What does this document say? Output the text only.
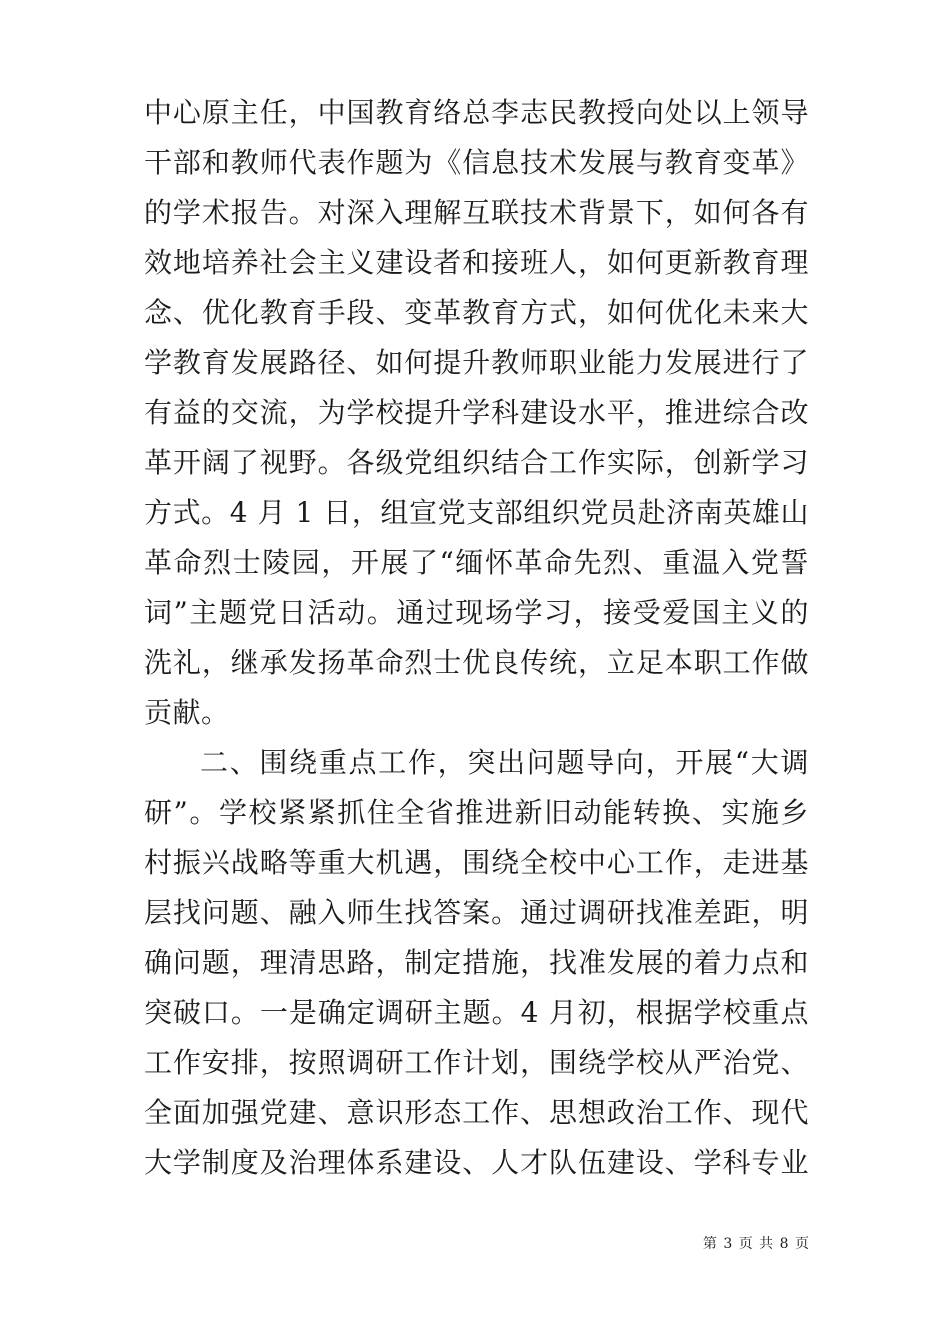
中心原主任，中国教育络总李志民教授向处以上领导
干部和教师代表作题为《信息技术发展与教育变革》
的学术报告。对深入理解互联技术背景下，如何各有
效地培养社会主义建设者和接班人，如何更新教育理
念、优化教育手段、变革教育方式，如何优化未来大
学教育发展路径、如何提升教师职业能力发展进行了
有益的交流，为学校提升学科建设水平，推进综合改
革开阔了视野。各级党组织结合工作实际，创新学习
方式。4 月 1 日，组宣党支部组织党员赴济南英雄山
革命烈士陵园，开展了“缅怀革命先烈、重温入党誓
词”主题党日活动。通过现场学习，接受爱国主义的
洗礼，继承发扬革命烈士优良传统，立足本职工作做
贡献。
二、围绕重点工作，突出问题导向，开展“大调
研”。学校紧紧抓住全省推进新旧动能转换、实施乡
村振兴战略等重大机遇，围绕全校中心工作，走进基
层找问题、融入师生找答案。通过调研找准差距，明
确问题，理清思路，制定措施，找准发展的着力点和
突破口。一是确定调研主题。4 月初，根据学校重点
工作安排，按照调研工作计划，围绕学校从严治党、
全面加强党建、意识形态工作、思想政治工作、现代
大学制度及治理体系建设、人才队伍建设、学科专业
第 3 页 共 8 页
